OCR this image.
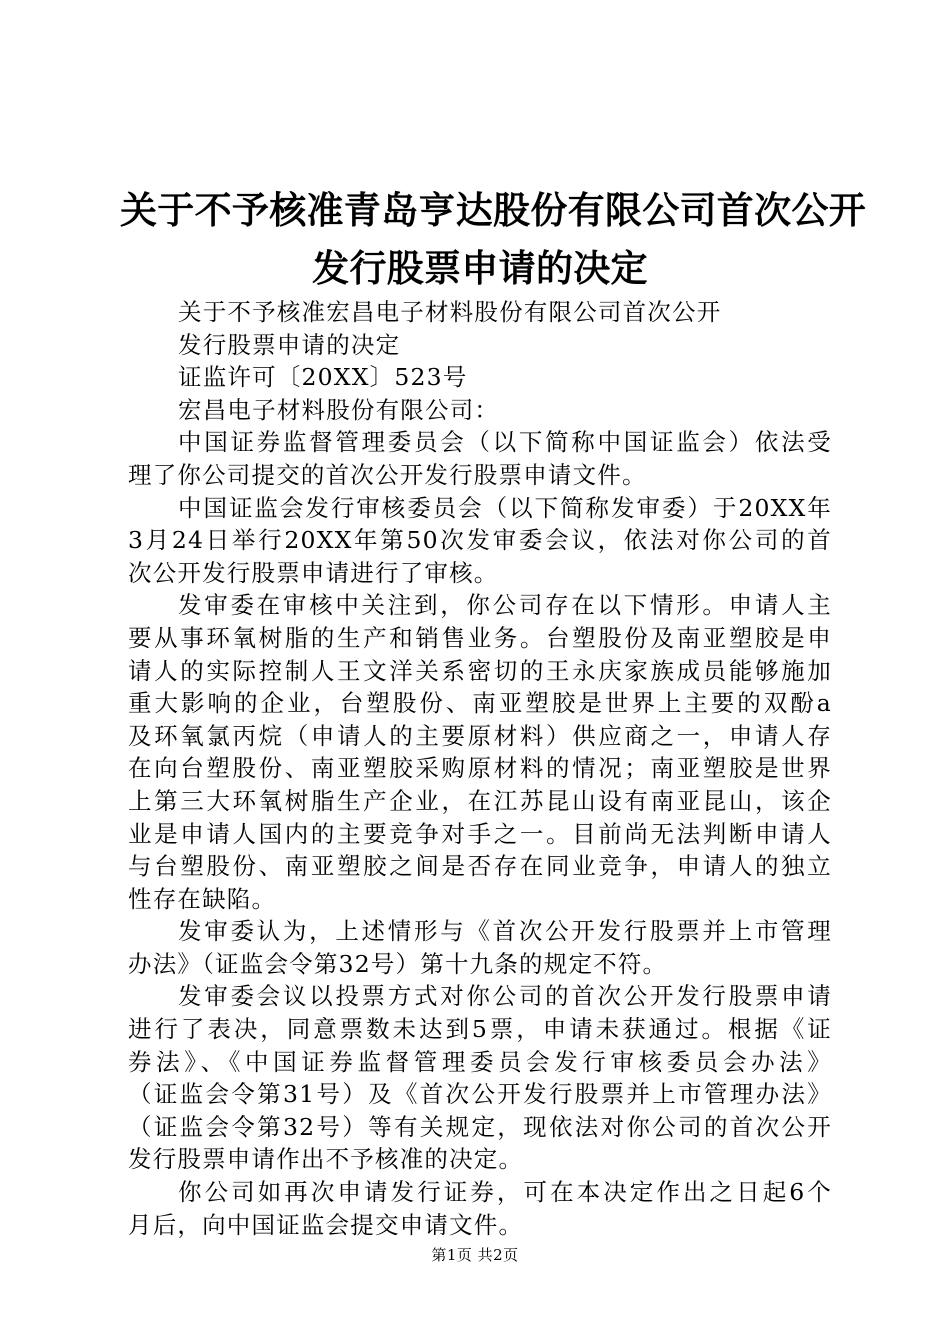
关于不予核准青岛亨达股份有限公司首次公开
发行股票申请的决定
关于不予核准宏昌电子材料股份有限公司首次公开
发行股票申请的决定
证监许可〔20XX〕523号
宏昌电子材料股份有限公司：
中国证券监督管理委员会（以下简称中国证监会）依法受
理了你公司提交的首次公开发行股票申请文件。
中国证监会发行审核委员会（以下简称发审委）于20XX年
3月24日举行20XX年第50次发审委会议，依法对你公司的首
次公开发行股票申请进行了审核。
发审委在审核中关注到，你公司存在以下情形。申请人主
要从事环氧树脂的生产和销售业务。台塑股份及南亚塑胶是申
请人的实际控制人王文洋关系密切的王永庆家族成员能够施加
重大影响的企业，台塑股份、南亚塑胶是世界上主要的双酚a
及环氧氯丙烷（申请人的主要原材料）供应商之一，申请人存
在向台塑股份、南亚塑胶采购原材料的情况；南亚塑胶是世界
上第三大环氧树脂生产企业，在江苏昆山设有南亚昆山，该企
业是申请人国内的主要竞争对手之一。目前尚无法判断申请人
与台塑股份、南亚塑胶之间是否存在同业竞争，申请人的独立
性存在缺陷。
发审委认为，上述情形与《首次公开发行股票并上市管理
办法》（证监会令第32号）第十九条的规定不符。
发审委会议以投票方式对你公司的首次公开发行股票申请
进行了表决，同意票数未达到5票，申请未获通过。根据《证
券法》、《中国证券监督管理委员会发行审核委员会办法》
（证监会令第31号）及《首次公开发行股票并上市管理办法》
（证监会令第32号）等有关规定，现依法对你公司的首次公开
发行股票申请作出不予核准的决定。
你公司如再次申请发行证券，可在本决定作出之日起6个
月后，向中国证监会提交申请文件。
第1页 共2页
